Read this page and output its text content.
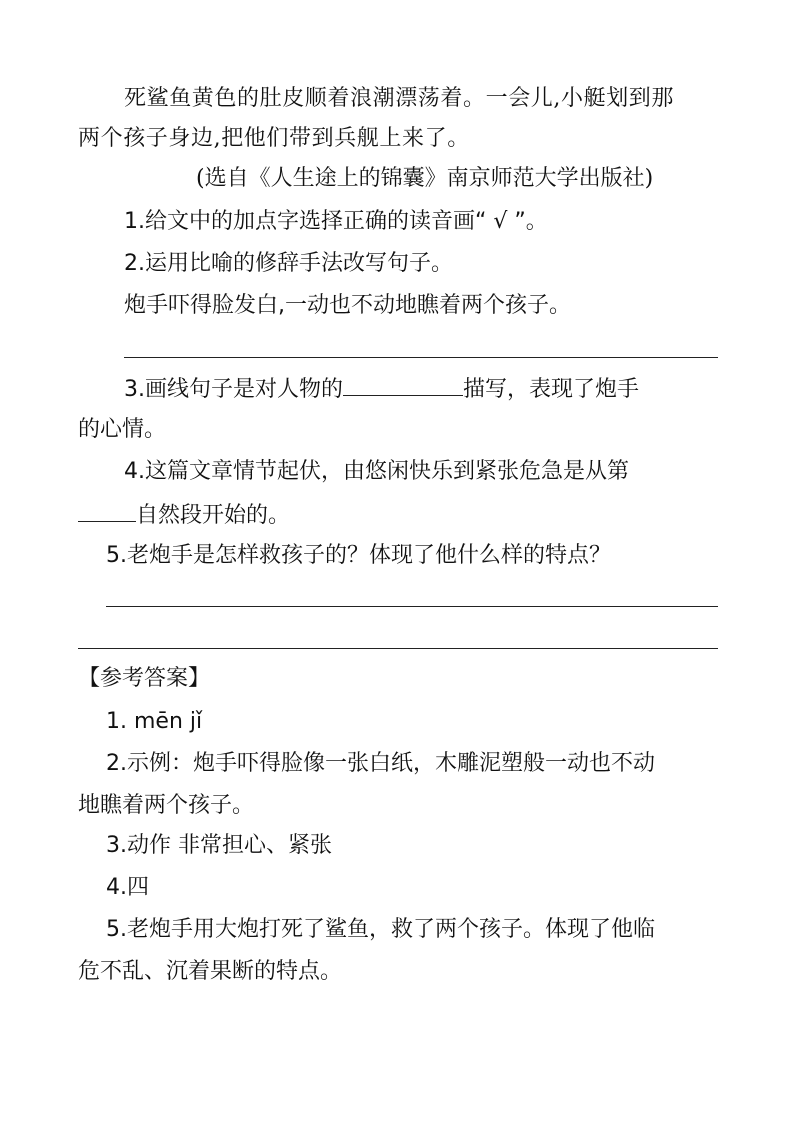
死鲨鱼黄色的肚皮顺着浪潮漂荡着。一会儿,小艇划到那
两个孩子身边,把他们带到兵舰上来了。
(选自《人生途上的锦囊》南京师范大学出版社)
1.给文中的加点字选择正确的读音画“ √ ”。
2.运用比喻的修辞手法改写句子。
炮手吓得脸发白,一动也不动地瞧着两个孩子。
3.画线句子是对人物的	描写，表现了炮手
的心情。
4.这篇文章情节起伏，由悠闲快乐到紧张危急是从第
自然段开始的。
5.老炮手是怎样救孩子的？体现了他什么样的特点？
【参考答案】
1. mēn jǐ
2.示例：炮手吓得脸像一张白纸，木雕泥塑般一动也不动
地瞧着两个孩子。
3.动作 非常担心、紧张
4.四
5.老炮手用大炮打死了鲨鱼，救了两个孩子。体现了他临
危不乱、沉着果断的特点。
